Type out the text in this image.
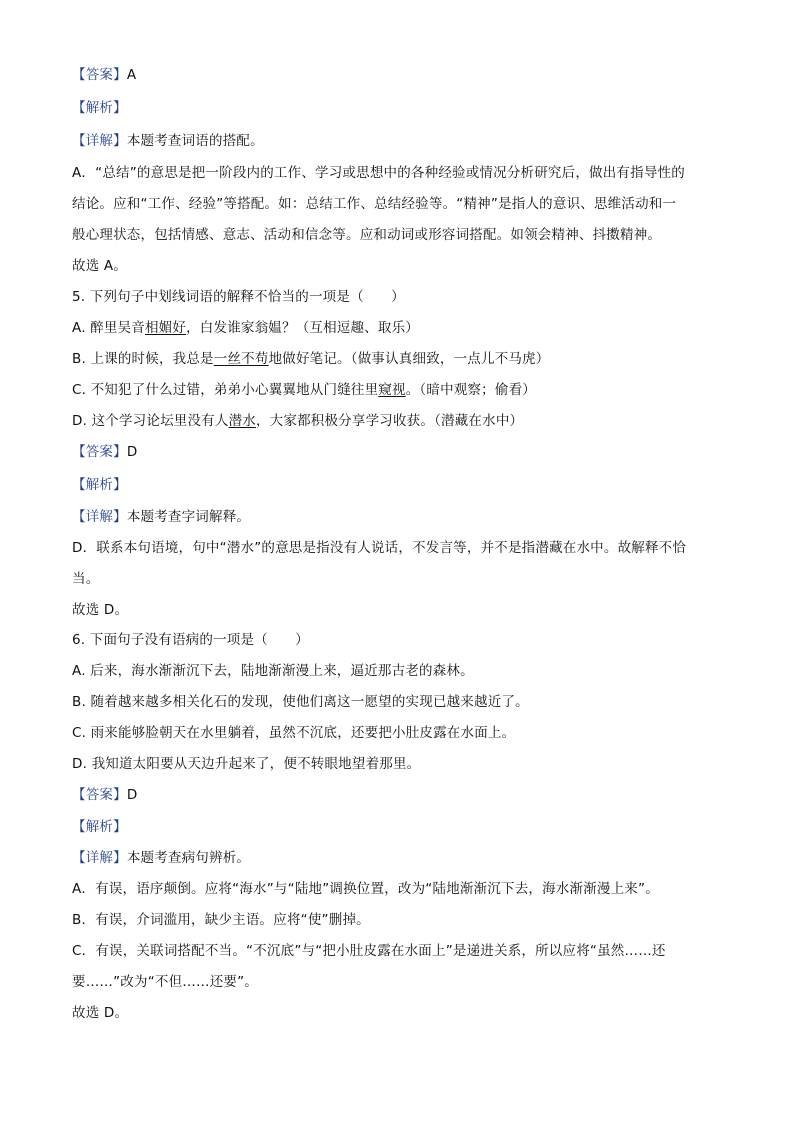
【答案】A
【解析】
【详解】本题考查词语的搭配。
A．“总结”的意思是把一阶段内的工作、学习或思想中的各种经验或情况分析研究后，做出有指导性的
结论。应和“工作、经验”等搭配。如：总结工作、总结经验等。“精神”是指人的意识、思维活动和一
般心理状态，包括情感、意志、活动和信念等。应和动词或形容词搭配。如领会精神、抖擞精神。
故选 A。
5. 下列句子中划线词语的解释不恰当的一项是（　　）
A. 醉里吴音相媚好，白发谁家翁媪？（互相逗趣、取乐）
B. 上课的时候，我总是一丝不苟地做好笔记。（做事认真细致，一点儿不马虎）
C. 不知犯了什么过错，弟弟小心翼翼地从门缝往里窥视。（暗中观察；偷看）
D. 这个学习论坛里没有人潜水，大家都积极分享学习收获。（潜藏在水中）
【答案】D
【解析】
【详解】本题考查字词解释。
D．联系本句语境，句中“潜水”的意思是指没有人说话，不发言等，并不是指潜藏在水中。故解释不恰
当。
故选 D。
6. 下面句子没有语病的一项是（　　）
A. 后来，海水渐渐沉下去，陆地渐渐漫上来，逼近那古老的森林。
B. 随着越来越多相关化石的发现，使他们离这一愿望的实现已越来越近了。
C. 雨来能够脸朝天在水里躺着，虽然不沉底，还要把小肚皮露在水面上。
D. 我知道太阳要从天边升起来了，便不转眼地望着那里。
【答案】D
【解析】
【详解】本题考查病句辨析。
A．有误，语序颠倒。应将“海水”与“陆地”调换位置，改为“陆地渐渐沉下去，海水渐渐漫上来”。
B．有误，介词滥用，缺少主语。应将“使”删掉。
C．有误，关联词搭配不当。“不沉底”与“把小肚皮露在水面上”是递进关系，所以应将“虽然……还
要……”改为“不但……还要”。
故选 D。
